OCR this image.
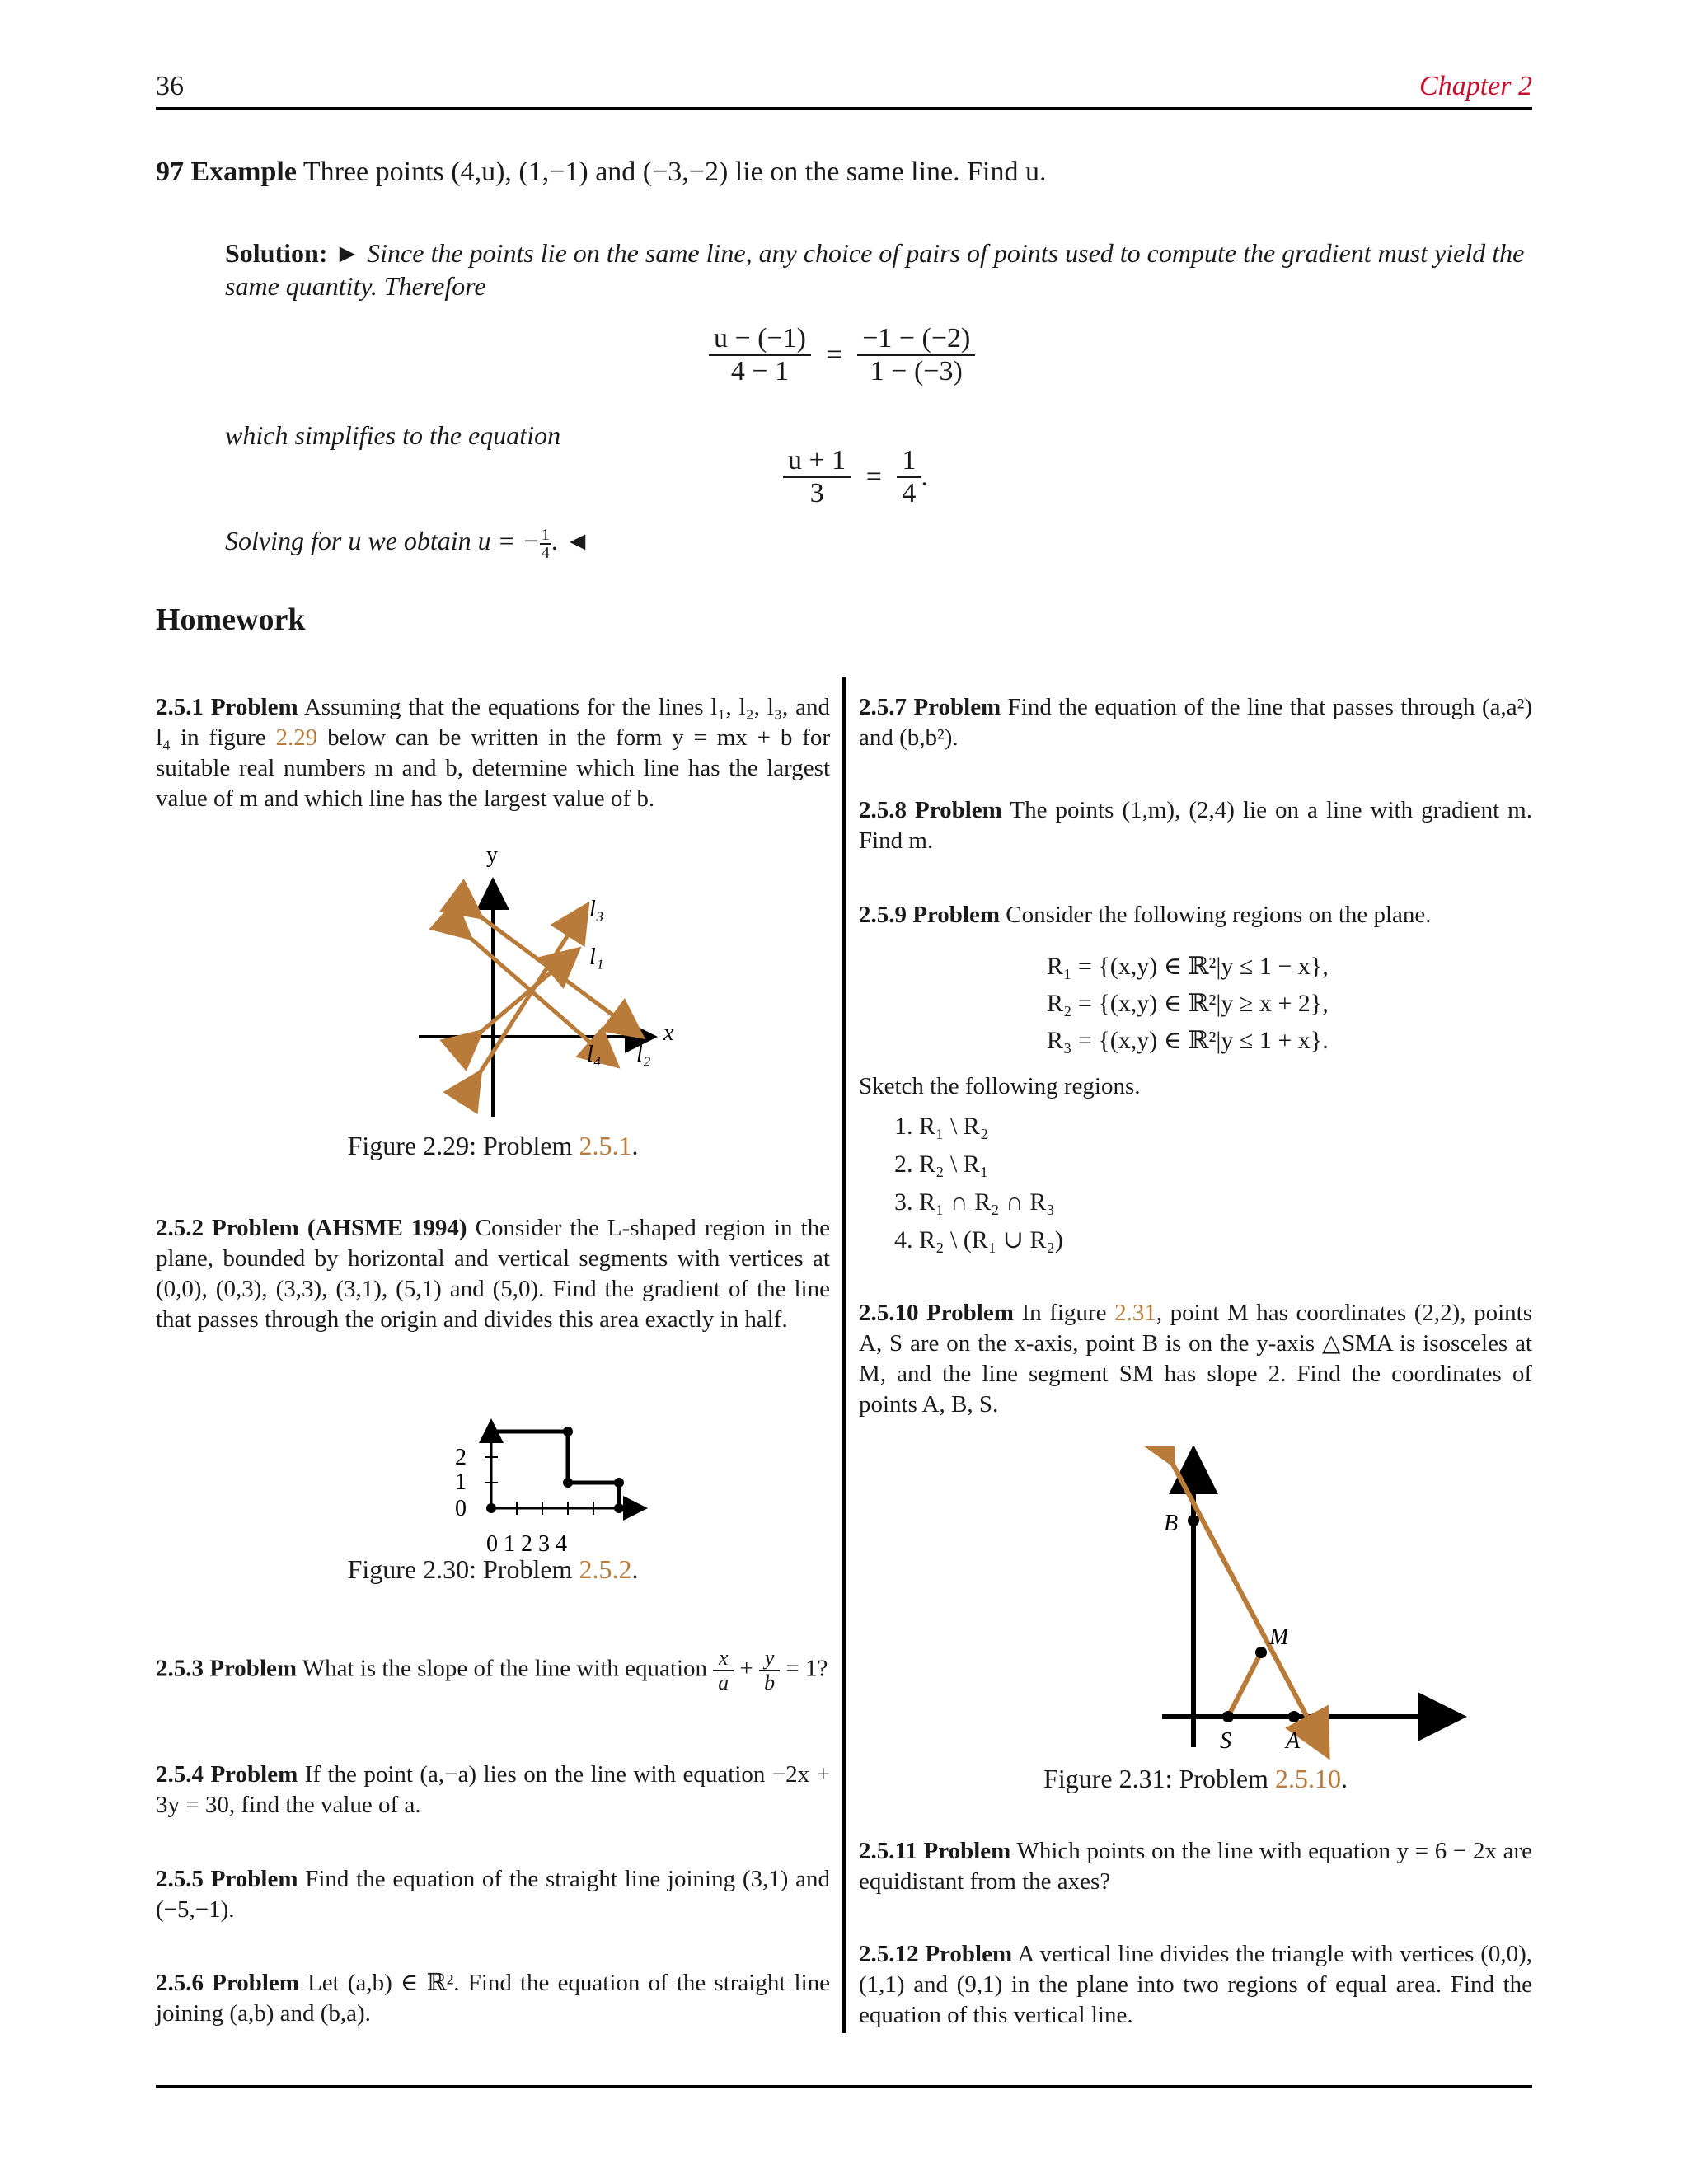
36	Chapter 2
97 Example Three points (4,u), (1,−1) and (−3,−2) lie on the same line. Find u.
Solution: ► Since the points lie on the same line, any choice of pairs of points used to compute the gradient must yield the same quantity. Therefore
$\frac{u - (-1)}{4 - 1} = \frac{-1 - (-2)}{1 - (-3)}$
which simplifies to the equation
$\frac{u + 1}{3} = \frac{1}{4}$ .
Solving for u we obtain u = − $\frac{1}{4}$ . ◄
Homework
2.5.1 Problem Assuming that the equations for the lines l₁, l₂, l₃, and l₄ in figure 2.29 below can be written in the form y = mx + b for suitable real numbers m and b, determine which line has the largest value of m and which line has the largest value of b.
y
x
l₃
l₁
l₄ l₂
Figure 2.29: Problem 2.5.1.
2.5.2 Problem (AHSME 1994) Consider the L-shaped region in the plane, bounded by horizontal and vertical segments with vertices at (0,0), (0,3), (3,3), (3,1), (5,1) and (5,0). Find the gradient of the line that passes through the origin and divides this area exactly in half.
2
1
0
0 1 2 3 4
Figure 2.30: Problem 2.5.2.
2.5.3 Problem What is the slope of the line with equation $\frac{x}{a} + \frac{y}{b} = 1$?
2.5.4 Problem If the point (a,−a) lies on the line with equation −2x + 3y = 30, find the value of a.
2.5.5 Problem Find the equation of the straight line joining (3,1) and (−5,−1).
2.5.6 Problem Let (a,b) ∈ ℝ². Find the equation of the straight line joining (a,b) and (b,a).
2.5.7 Problem Find the equation of the line that passes through (a,a²) and (b,b²).
2.5.8 Problem The points (1,m), (2,4) lie on a line with gradient m. Find m.
2.5.9 Problem Consider the following regions on the plane.
R₁ = {(x,y) ∈ ℝ²|y ≤ 1 − x},
R₂ = {(x,y) ∈ ℝ²|y ≥ x + 2},
R₃ = {(x,y) ∈ ℝ²|y ≤ 1 + x}.
Sketch the following regions.
1. R₁ \ R₂
2. R₂ \ R₁
3. R₁ ∩ R₂ ∩ R₃
4. R₂ \ (R₁ ∪ R₂)
2.5.10 Problem In figure 2.31, point M has coordinates (2,2), points A, S are on the x-axis, point B is on the y-axis △SMA is isosceles at M, and the line segment SM has slope 2. Find the coordinates of points A, B, S.
B
M
S A
Figure 2.31: Problem 2.5.10.
2.5.11 Problem Which points on the line with equation y = 6 − 2x are equidistant from the axes?
2.5.12 Problem A vertical line divides the triangle with vertices (0,0), (1,1) and (9,1) in the plane into two regions of equal area. Find the equation of this vertical line.
